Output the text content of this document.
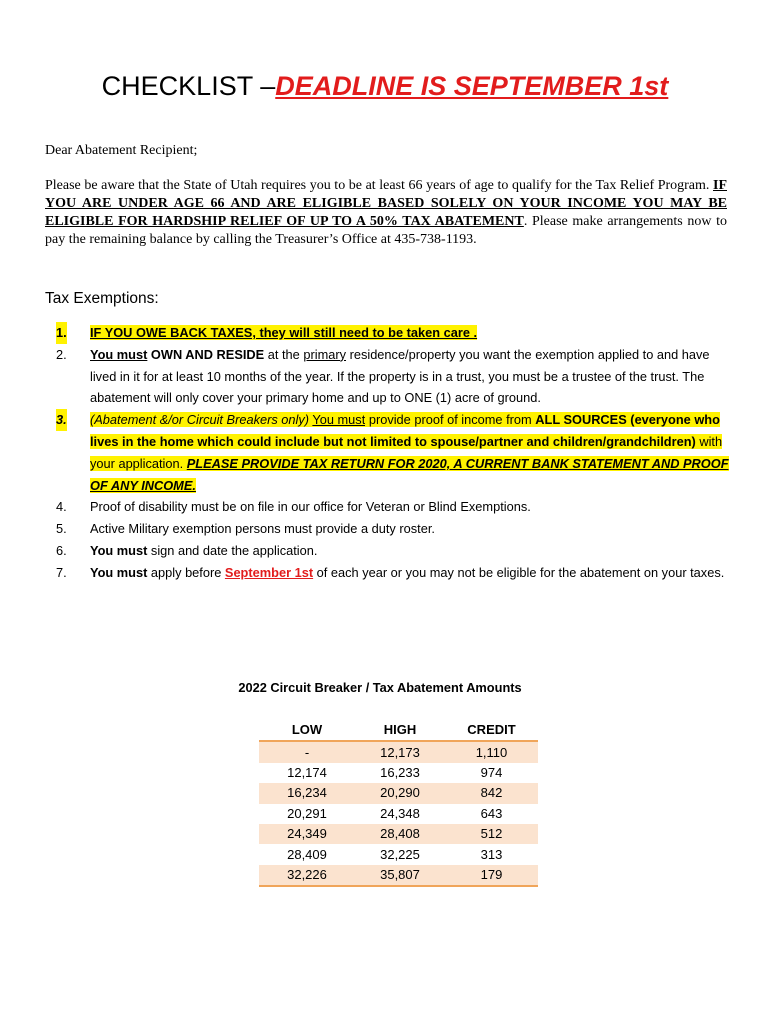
CHECKLIST –DEADLINE IS SEPTEMBER 1st
Dear Abatement Recipient;
Please be aware that the State of Utah requires you to be at least 66 years of age to qualify for the Tax Relief Program. IF YOU ARE UNDER AGE 66 AND ARE ELIGIBLE BASED SOLELY ON YOUR INCOME YOU MAY BE ELIGIBLE FOR HARDSHIP RELIEF OF UP TO A 50% TAX ABATEMENT. Please make arrangements now to pay the remaining balance by calling the Treasurer’s Office at 435-738-1193.
Tax Exemptions:
1. IF YOU OWE BACK TAXES, they will still need to be taken care .
2. You must OWN AND RESIDE at the primary residence/property you want the exemption applied to and have lived in it for at least 10 months of the year. If the property is in a trust, you must be a trustee of the trust. The abatement will only cover your primary home and up to ONE (1) acre of ground.
3. (Abatement &/or Circuit Breakers only) You must provide proof of income from ALL SOURCES (everyone who lives in the home which could include but not limited to spouse/partner and children/grandchildren) with your application. PLEASE PROVIDE TAX RETURN FOR 2020, A CURRENT BANK STATEMENT AND PROOF OF ANY INCOME.
4. Proof of disability must be on file in our office for Veteran or Blind Exemptions.
5. Active Military exemption persons must provide a duty roster.
6. You must sign and date the application.
7. You must apply before September 1st of each year or you may not be eligible for the abatement on your taxes.
2022 Circuit Breaker / Tax Abatement Amounts
LOW	HIGH	CREDIT
-	12,173	1,110
12,174	16,233	974
16,234	20,290	842
20,291	24,348	643
24,349	28,408	512
28,409	32,225	313
32,226	35,807	179
